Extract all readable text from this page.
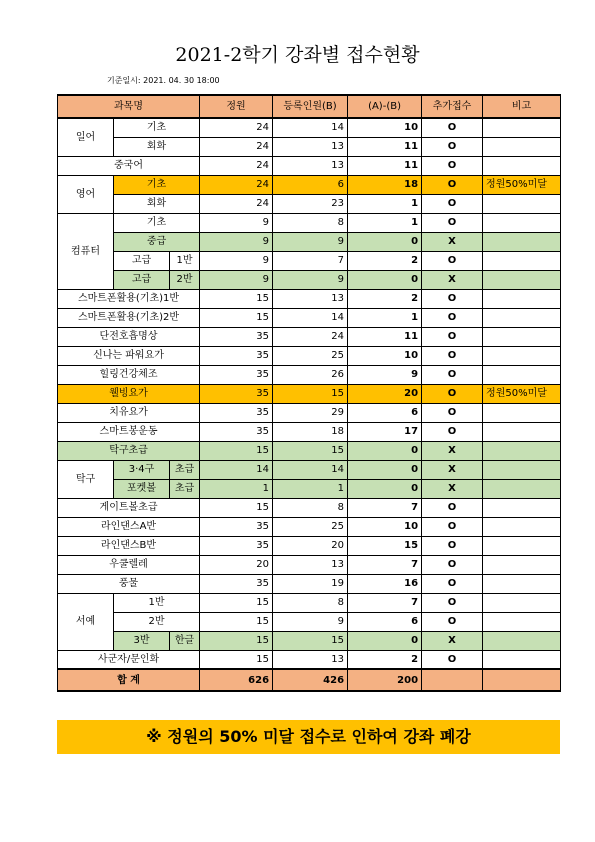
2021-2학기 강좌별 접수현황
기준일시: 2021. 04. 30 18:00
과목명			정원	등록인원(B)	(A)-(B)	추가접수	비고
일어	기초		24	14	10	O	
	회화		24	13	11	O	
중국어			24	13	11	O	
영어	기초		24	6	18	O	정원50%미달
	회화		24	23	1	O	
컴퓨터	기초		9	8	1	O	
	중급		9	9	0	X	
	고급	1반	9	7	2	O	
	고급	2반	9	9	0	X	
스마트폰활용(기초)1반			15	13	2	O	
스마트폰활용(기초)2반			15	14	1	O	
단전호흡명상			35	24	11	O	
신나는 파워요가			35	25	10	O	
힐링건강체조			35	26	9	O	
웰빙요가			35	15	20	O	정원50%미달
치유요가			35	29	6	O	
스마트봉운동			35	18	17	O	
탁구초급			15	15	0	X	
탁구	3·4구	초급	14	14	0	X	
	포켓볼	초급	1	1	0	X	
게이트볼초급			15	8	7	O	
라인댄스A반			35	25	10	O	
라인댄스B반			35	20	15	O	
우쿨렐레			20	13	7	O	
풍물			35	19	16	O	
서예	1반		15	8	7	O	
	2반		15	9	6	O	
	3반	한글	15	15	0	X	
사군자/문인화			15	13	2	O	
합 계			626	426	200		
※ 정원의 50% 미달 접수로 인하여 강좌 폐강
